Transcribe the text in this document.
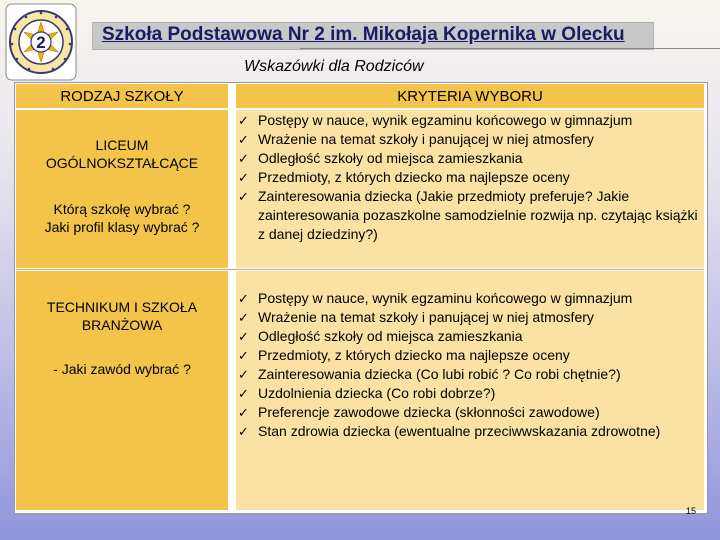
2	Szkoła Podstawowa Nr 2 im. Mikołaja Kopernika w Olecku
Wskazówki dla Rodziców
RODZAJ SZKOŁY	KRYTERIA WYBORU
LICEUM
OGÓLNOKSZTAŁCĄCE
Którą szkołę wybrać ?
Jaki profil klasy wybrać ?
✓ Postępy w nauce, wynik egzaminu końcowego w gimnazjum
✓ Wrażenie na temat szkoły i panującej w niej atmosfery
✓ Odległość szkoły od miejsca zamieszkania
✓ Przedmioty, z których dziecko ma najlepsze oceny
✓ Zainteresowania dziecka (Jakie przedmioty preferuje? Jakie zainteresowania pozaszkolne samodzielnie rozwija np. czytając książki z danej dziedziny?)
TECHNIKUM I SZKOŁA
BRANŻOWA
- Jaki zawód wybrać ?
✓ Postępy w nauce, wynik egzaminu końcowego w gimnazjum
✓ Wrażenie na temat szkoły i panującej w niej atmosfery
✓ Odległość szkoły od miejsca zamieszkania
✓ Przedmioty, z których dziecko ma najlepsze oceny
✓ Zainteresowania dziecka (Co lubi robić ? Co robi chętnie?)
✓ Uzdolnienia dziecka (Co robi dobrze?)
✓ Preferencje zawodowe dziecka (skłonności zawodowe)
✓ Stan zdrowia dziecka (ewentualne przeciwwskazania zdrowotne)
15
